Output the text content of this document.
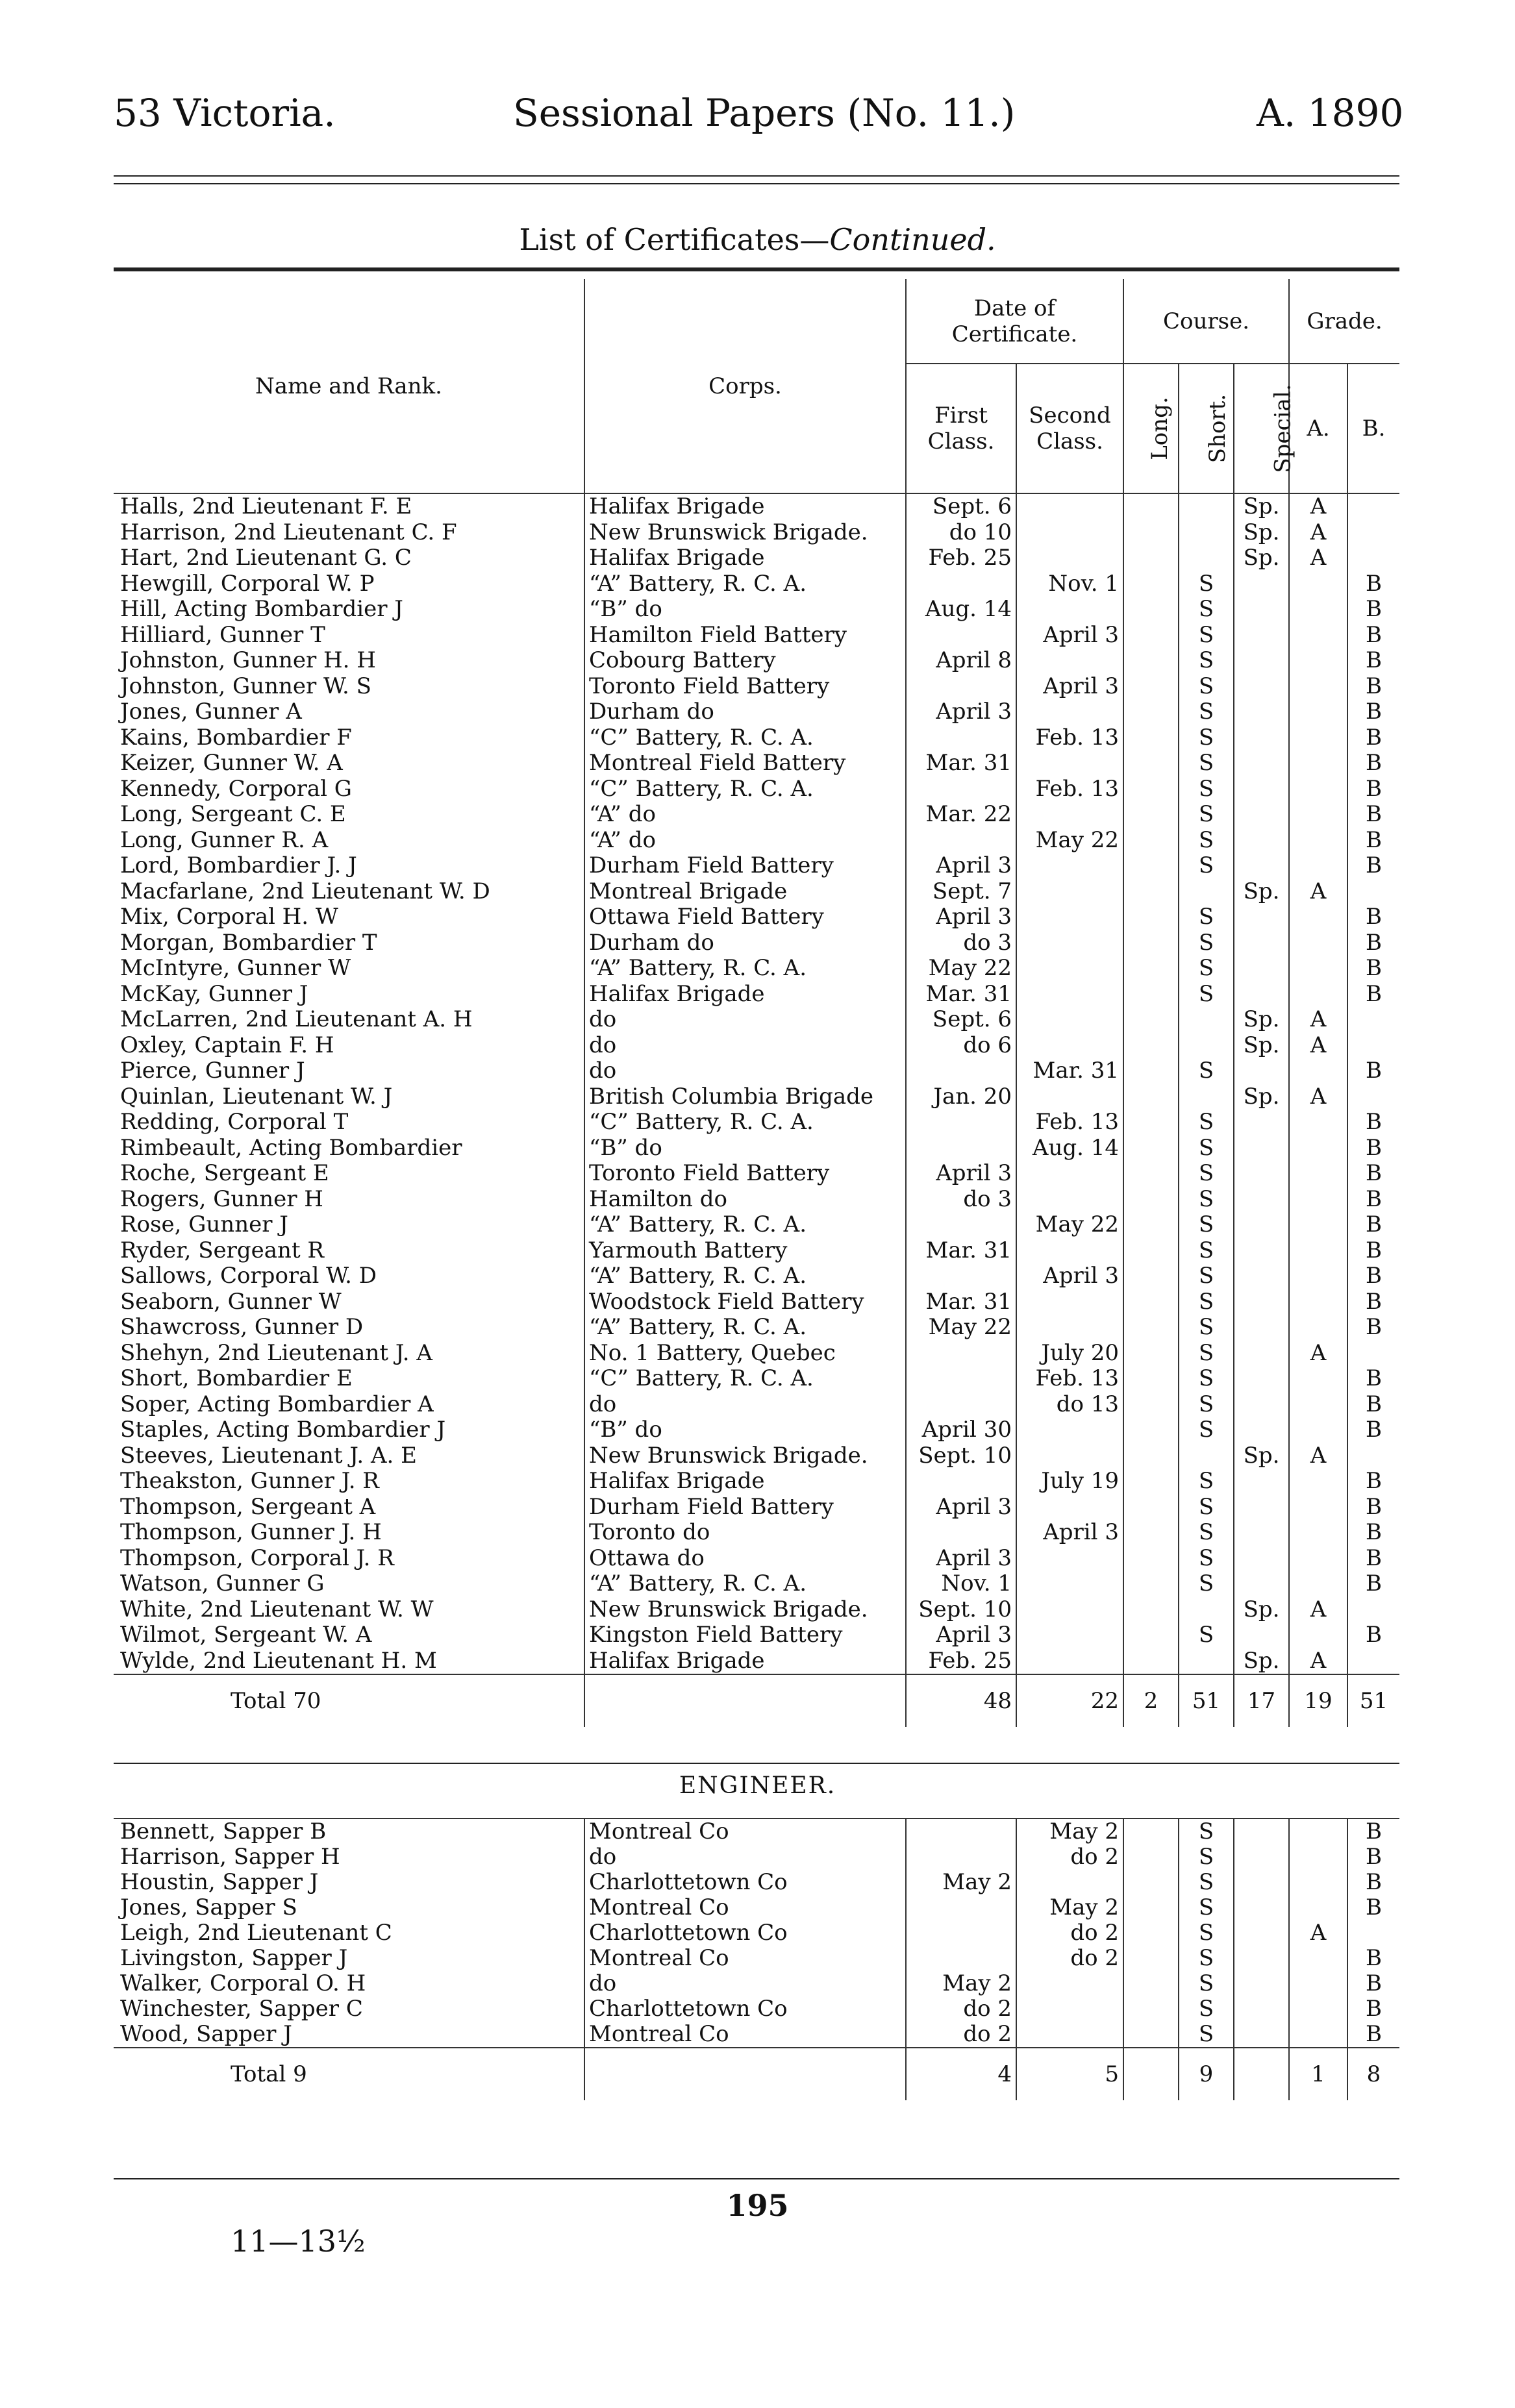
53 Victoria.	Sessional Papers (No. 11.)	A. 1890
List of Certificates—Continued.
Name and Rank.	Corps.	Date of Certificate.		Course.			Grade.	
		First Class.	Second Class.	Long.	Short.	Special.	A.	B.
Halls, 2nd Lieutenant F. E	Halifax Brigade	Sept. 6				Sp.	A	
Harrison, 2nd Lieutenant C. F	New Brunswick Brigade.	do 10				Sp.	A	
Hart, 2nd Lieutenant G. C	Halifax Brigade	Feb. 25				Sp.	A	
Hewgill, Corporal W. P	“A” Battery, R. C. A.		Nov. 1		S			B
Hill, Acting Bombardier J	“B” do	Aug. 14			S			B
Hilliard, Gunner T	Hamilton Field Battery		April 3		S			B
Johnston, Gunner H. H	Cobourg Battery	April 8			S			B
Johnston, Gunner W. S	Toronto Field Battery		April 3		S			B
Jones, Gunner A	Durham do	April 3			S			B
Kains, Bombardier F	“C” Battery, R. C. A.		Feb. 13		S			B
Keizer, Gunner W. A	Montreal Field Battery	Mar. 31			S			B
Kennedy, Corporal G	“C” Battery, R. C. A.		Feb. 13		S			B
Long, Sergeant C. E	“A” do	Mar. 22			S			B
Long, Gunner R. A	“A” do		May 22		S			B
Lord, Bombardier J. J	Durham Field Battery	April 3			S			B
Macfarlane, 2nd Lieutenant W. D	Montreal Brigade	Sept. 7				Sp.	A	
Mix, Corporal H. W	Ottawa Field Battery	April 3			S			B
Morgan, Bombardier T	Durham do	do 3			S			B
McIntyre, Gunner W	“A” Battery, R. C. A.	May 22			S			B
McKay, Gunner J	Halifax Brigade	Mar. 31			S			B
McLarren, 2nd Lieutenant A. H	do	Sept. 6				Sp.	A	
Oxley, Captain F. H	do	do 6				Sp.	A	
Pierce, Gunner J	do		Mar. 31		S			B
Quinlan, Lieutenant W. J	British Columbia Brigade	Jan. 20				Sp.	A	
Redding, Corporal T	“C” Battery, R. C. A.		Feb. 13		S			B
Rimbeault, Acting Bombardier	“B” do		Aug. 14		S			B
Roche, Sergeant E	Toronto Field Battery	April 3			S			B
Rogers, Gunner H	Hamilton do	do 3			S			B
Rose, Gunner J	“A” Battery, R. C. A.		May 22		S			B
Ryder, Sergeant R	Yarmouth Battery	Mar. 31			S			B
Sallows, Corporal W. D	“A” Battery, R. C. A.		April 3		S			B
Seaborn, Gunner W	Woodstock Field Battery	Mar. 31			S			B
Shawcross, Gunner D	“A” Battery, R. C. A.	May 22			S			B
Shehyn, 2nd Lieutenant J. A	No. 1 Battery, Quebec		July 20		S		A	
Short, Bombardier E	“C” Battery, R. C. A.		Feb. 13		S			B
Soper, Acting Bombardier A	do		do 13		S			B
Staples, Acting Bombardier J	“B” do	April 30			S			B
Steeves, Lieutenant J. A. E	New Brunswick Brigade.	Sept. 10				Sp.	A	
Theakston, Gunner J. R	Halifax Brigade		July 19		S			B
Thompson, Sergeant A	Durham Field Battery	April 3			S			B
Thompson, Gunner J. H	Toronto do		April 3		S			B
Thompson, Corporal J. R	Ottawa do	April 3			S			B
Watson, Gunner G	“A” Battery, R. C. A.	Nov. 1			S			B
White, 2nd Lieutenant W. W	New Brunswick Brigade.	Sept. 10				Sp.	A	
Wilmot, Sergeant W. A	Kingston Field Battery	April 3			S			B
Wylde, 2nd Lieutenant H. M	Halifax Brigade	Feb. 25				Sp.	A	
Total 70		48	22	2	51	17	19	51
ENGINEER.
Bennett, Sapper B	Montreal Co		May 2		S			B
Harrison, Sapper H	do		do 2		S			B
Houstin, Sapper J	Charlottetown Co	May 2			S			B
Jones, Sapper S	Montreal Co		May 2		S			B
Leigh, 2nd Lieutenant C	Charlottetown Co		do 2		S		A	
Livingston, Sapper J	Montreal Co		do 2		S			B
Walker, Corporal O. H	do	May 2			S			B
Winchester, Sapper C	Charlottetown Co	do 2			S			B
Wood, Sapper J	Montreal Co	do 2			S			B
Total 9		4	5		9		1	8
195
11—13½
